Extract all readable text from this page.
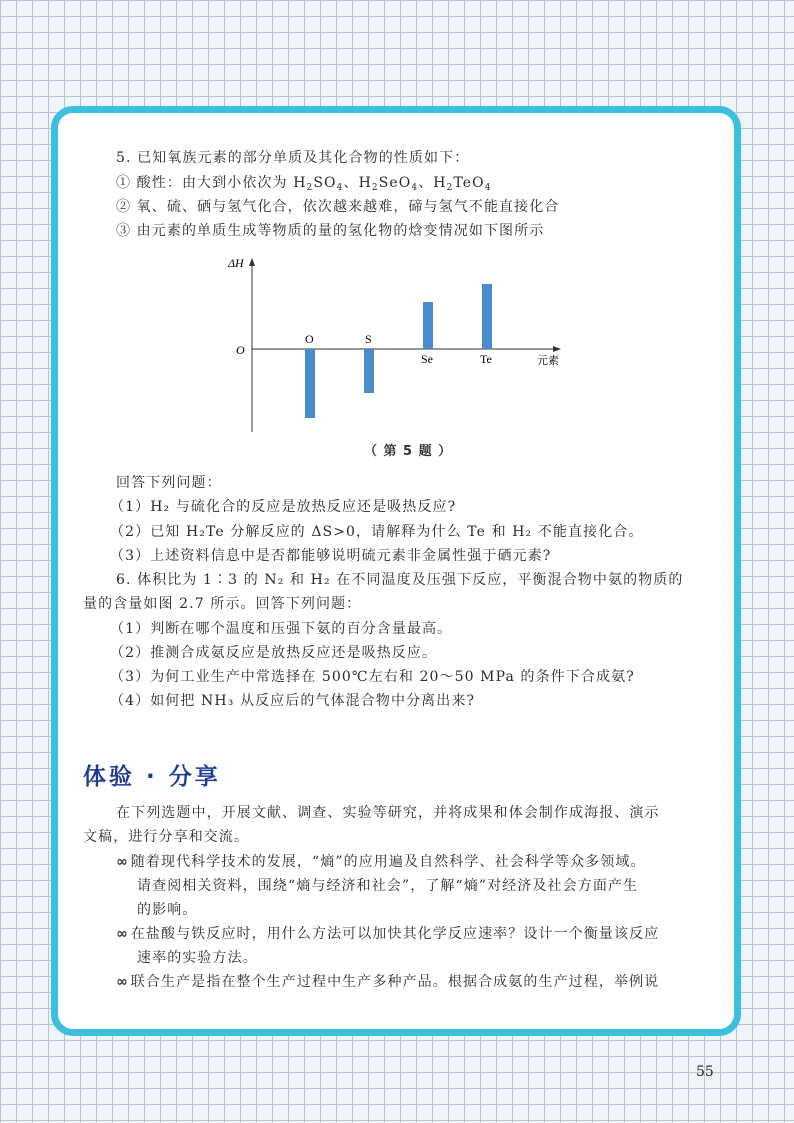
5. 已知氧族元素的部分单质及其化合物的性质如下：
① 酸性：由大到小依次为 $H_2SO_4$、$H_2SeO_4$、$H_2TeO_4$
② 氧、硫、硒与氢气化合，依次越来越难，碲与氢气不能直接化合
③ 由元素的单质生成等物质的量的氢化物的焓变情况如下图所示
ΔH
O
元素
O	S
Se	Te
（ 第 5 题 ）
回答下列问题：
（1）H₂ 与硫化合的反应是放热反应还是吸热反应?
（2）已知 H₂Te 分解反应的 ΔS>0，请解释为什么 Te 和 H₂ 不能直接化合。
（3）上述资料信息中是否都能够说明硫元素非金属性强于硒元素?
6. 体积比为 1∶3 的 N₂ 和 H₂ 在不同温度及压强下反应，平衡混合物中氨的物质的
量的含量如图 2.7 所示。回答下列问题：
（1）判断在哪个温度和压强下氨的百分含量最高。
（2）推测合成氨反应是放热反应还是吸热反应。
（3）为何工业生产中常选择在 500℃左右和 20～50 MPa 的条件下合成氨?
（4）如何把 NH₃ 从反应后的气体混合物中分离出来?
体验 · 分享
在下列选题中，开展文献、调查、实验等研究，并将成果和体会制作成海报、演示
文稿，进行分享和交流。
∞ 随着现代科学技术的发展，“熵”的应用遍及自然科学、社会科学等众多领域。
请查阅相关资料，围绕“熵与经济和社会”，了解“熵”对经济及社会方面产生
的影响。
∞ 在盐酸与铁反应时，用什么方法可以加快其化学反应速率？设计一个衡量该反应
速率的实验方法。
∞ 联合生产是指在整个生产过程中生产多种产品。根据合成氨的生产过程，举例说
55
